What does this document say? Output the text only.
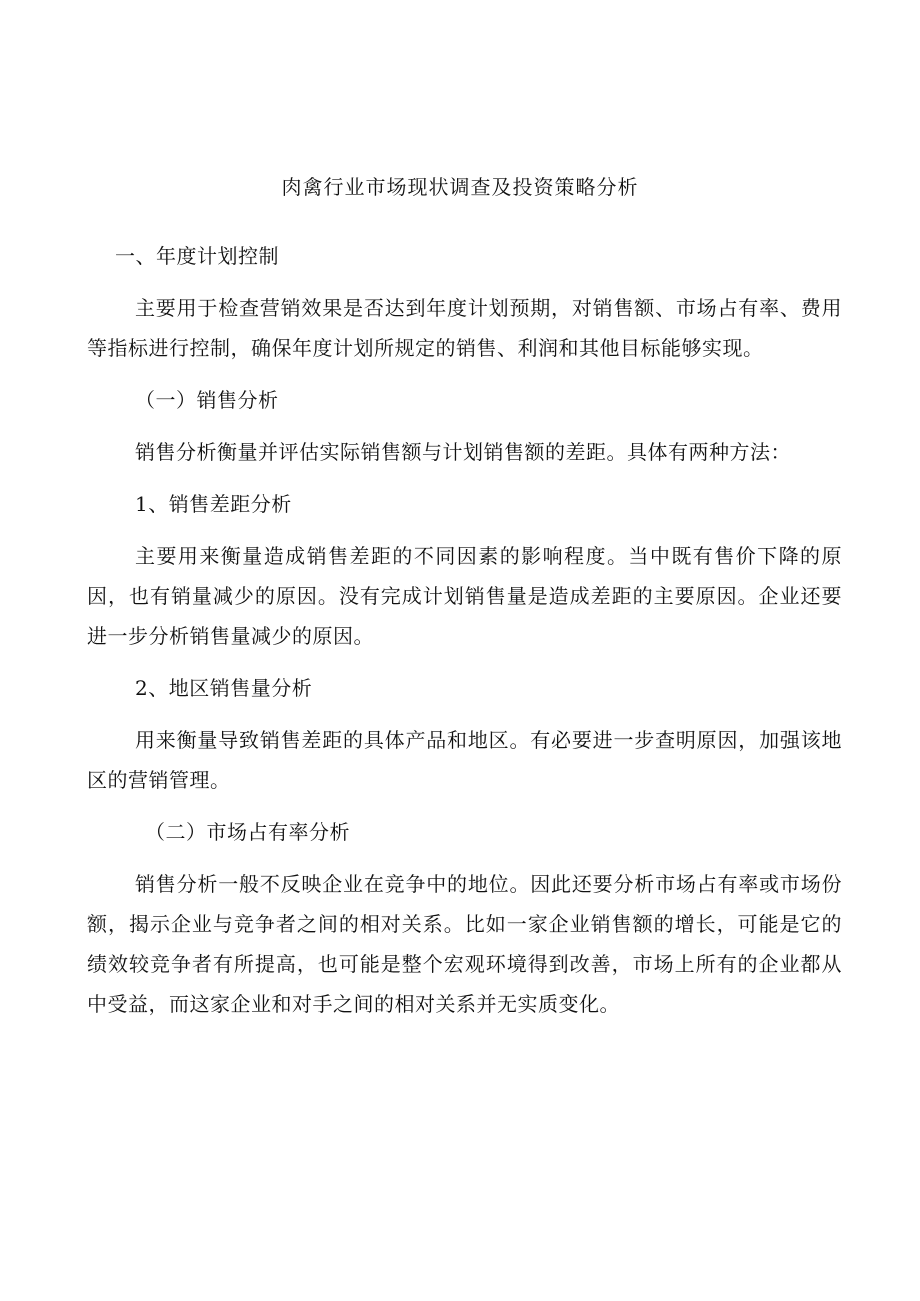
肉禽行业市场现状调查及投资策略分析

一、年度计划控制

主要用于检查营销效果是否达到年度计划预期，对销售额、市场占有率、费用等指标进行控制，确保年度计划所规定的销售、利润和其他目标能够实现。

（一）销售分析

销售分析衡量并评估实际销售额与计划销售额的差距。具体有两种方法：

1、销售差距分析

主要用来衡量造成销售差距的不同因素的影响程度。当中既有售价下降的原因，也有销量减少的原因。没有完成计划销售量是造成差距的主要原因。企业还要进一步分析销售量减少的原因。

2、地区销售量分析

用来衡量导致销售差距的具体产品和地区。有必要进一步查明原因，加强该地区的营销管理。

（二）市场占有率分析

销售分析一般不反映企业在竞争中的地位。因此还要分析市场占有率或市场份额，揭示企业与竞争者之间的相对关系。比如一家企业销售额的增长，可能是它的绩效较竞争者有所提高，也可能是整个宏观环境得到改善，市场上所有的企业都从中受益，而这家企业和对手之间的相对关系并无实质变化。
